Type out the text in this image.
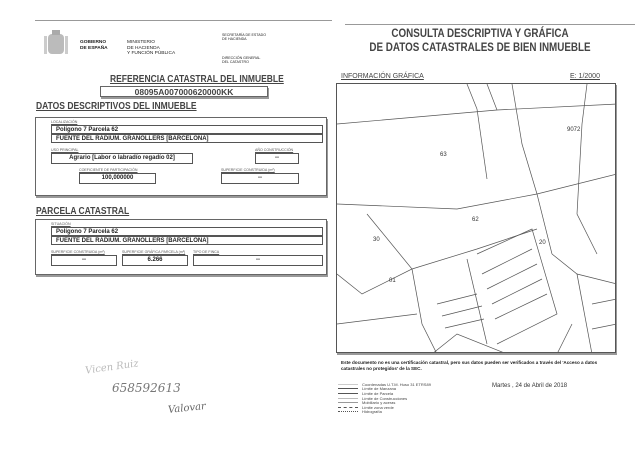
GOBIERNO
DE ESPAÑA
MINISTERIO
DE HACIENDA
Y FUNCIÓN PÚBLICA
SECRETARÍA DE ESTADO
DE HACIENDA
DIRECCIÓN GENERAL
DEL CATASTRO
CONSULTA DESCRIPTIVA Y GRÁFICA
DE DATOS CATASTRALES DE BIEN INMUEBLE
REFERENCIA CATASTRAL DEL INMUEBLE
08095A007000620000KK
DATOS DESCRIPTIVOS DEL INMUEBLE
LOCALIZACIÓN
Polígono 7 Parcela 62
FUENTE DEL RADIUM. GRANOLLERS [BARCELONA]
USO PRINCIPAL
Agrario [Labor o labradío regadío 02]
AÑO CONSTRUCCIÓN
--
COEFICIENTE DE PARTICIPACIÓN
100,000000
SUPERFICIE CONSTRUIDA (m²)
--
PARCELA CATASTRAL
SITUACIÓN
Polígono 7 Parcela 62
FUENTE DEL RADIUM. GRANOLLERS [BARCELONA]
SUPERFICIE CONSTRUIDA (m²)
--
SUPERFICIE GRÁFICA PARCELA (m²)
6.266
TIPO DE FINCA
--
INFORMACIÓN GRÁFICA	E: 1/2000
63
62
30	20
01
9072
Este documento no es una certificación catastral, pero sus datos pueden ser verificados a través del 'Acceso a datos catastrales no protegidos' de la SEC.
Martes , 24 de Abril de 2018
Coordenadas U.T.M. Huso 31 ETRS89
Límite de Manzana
Límite de Parcela
Límite de Construcciones
Mobiliario y aceras
Límite zona verde
Hidrografía
Vicen Ruiz
658592613
Valovar
